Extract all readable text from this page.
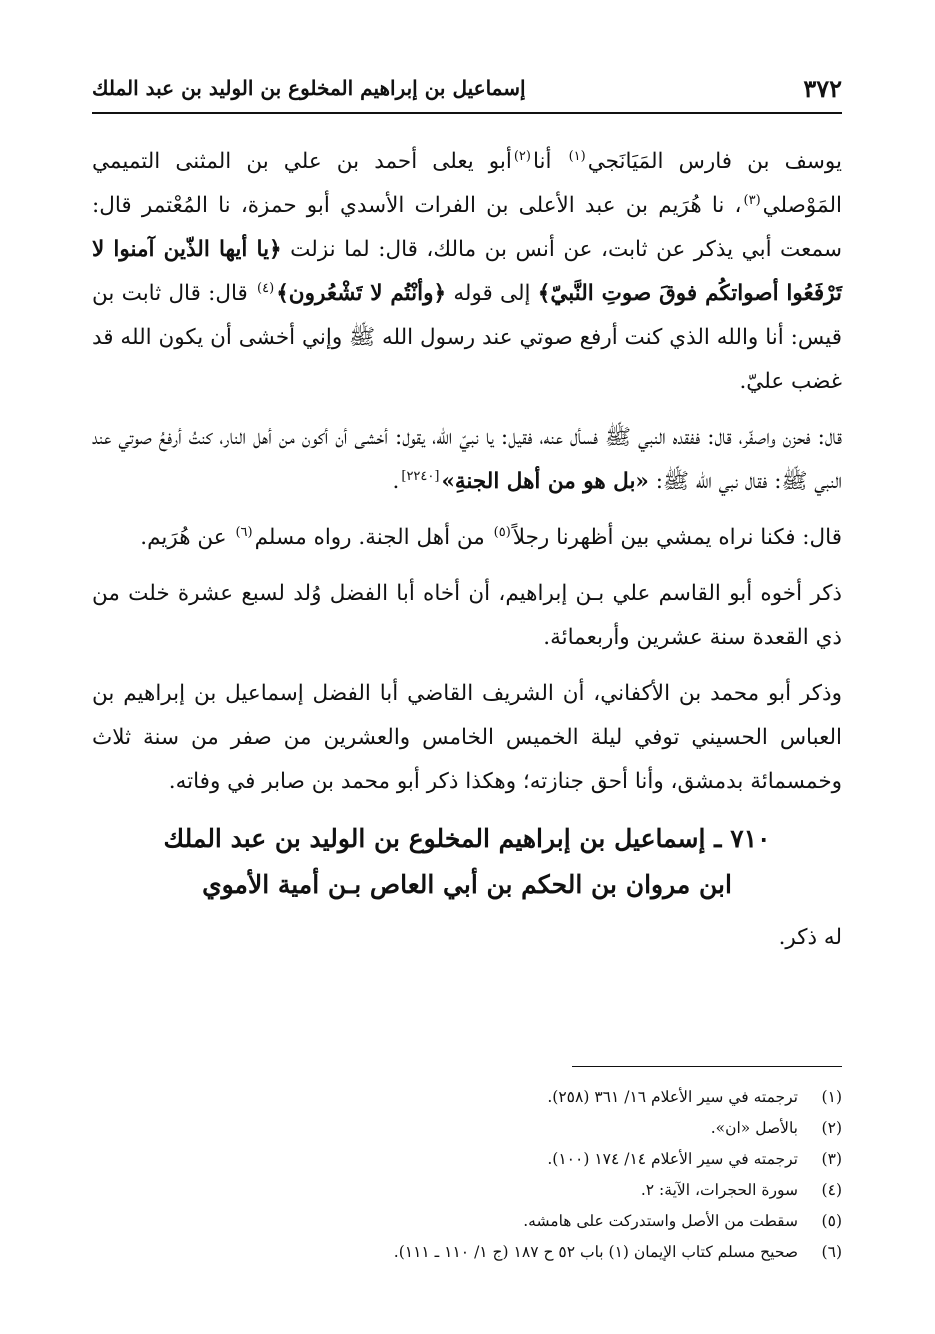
٣٧٢
إسماعيل بن إبراهيم المخلوع بن الوليد بن عبد الملك

يوسف بن فارس المَيَانَجي$^{(١)}$ أنا$^{(٢)}$أبو يعلى أحمد بن علي بن المثنى التميمي المَوْصلي$^{(٣)}$، نا هُرَيم بن عبد الأعلى بن الفرات الأسدي أبو حمزة، نا المُعْتمر قال: سمعت أبي يذكر عن ثابت، عن أنس بن مالك، قال: لما نزلت ﴿يا أيها الذّين آمنوا لا تَرْفَعُوا أصواتكُم فوقَ صوتِ النَّبيّ﴾ إلى قوله ﴿وأنْتُم لا تَشْعُرون﴾$^{(٤)}$ قال: قال ثابت بن قيس: أنا والله الذي كنت أرفع صوتي عند رسول الله ﷺ وإني أخشى أن يكون الله قد غضب عليّ.

قال: فحزن واصفّر، قال: ففقده النبي ﷺ فسأل عنه، فقيل: يا نبيّ الله، يقول: أخشى أن أكون من أهل النار، كنتُ أرفعُ صوتي عند النبي ﷺ: فقال نبي الله ﷺ: «بل هو من أهل الجنةِ»[٢٢٤٠].

قال: فكنا نراه يمشي بين أظهرنا رجلاً$^{(٥)}$ من أهل الجنة. رواه مسلم$^{(٦)}$ عن هُرَيم.

ذكر أخوه أبو القاسم علي بـن إبراهيم، أن أخاه أبا الفضل وُلد لسبع عشرة خلت من ذي القعدة سنة عشرين وأربعمائة.

وذكر أبو محمد بن الأكفاني، أن الشريف القاضي أبا الفضل إسماعيل بن إبراهيم بن العباس الحسيني توفي ليلة الخميس الخامس والعشرين من صفر من سنة ثلاث وخمسمائة بدمشق، وأنا أحق جنازته؛ وهكذا ذكر أبو محمد بن صابر في وفاته.

٧١٠ ـ إسماعيل بن إبراهيم المخلوع بن الوليد بن عبد الملك
ابن مروان بن الحكم بن أبي العاص بـن أمية الأموي

له ذكر.

(١)
ترجمته في سير الأعلام ١٦/ ٣٦١ (٢٥٨).
(٢)
بالأصل «ان».
(٣)
ترجمته في سير الأعلام ١٤/ ١٧٤ (١٠٠).
(٤)
سورة الحجرات، الآية: ٢.
(٥)
سقطت من الأصل واستدركت على هامشه.
(٦)
صحيح مسلم كتاب الإيمان (١) باب ٥٢ ح ١٨٧ (ج ١/ ١١٠ ـ ١١١).
